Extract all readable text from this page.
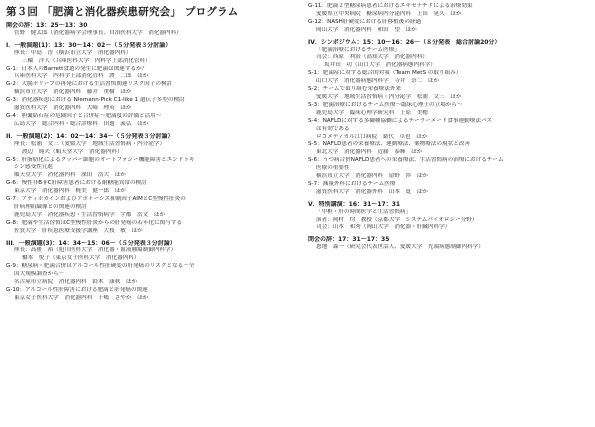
第３回 「肥満と消化器疾患研究会」 プログラム
開会の辞：13：25～13：30
菅野　健太郎（消化器病学会理事長、自治医科大学　消化器内科）
I．一般演題(1)：13：30～14：02－（５分発表３分討論）
座長：中島　淳（横浜市立大学　消化器内科）
三輪　洋人（兵庫医科大学　内科学上部消化管科）
G-1：日本人のBarrett食道の発生に肥満は関連するか？
兵庫医科大学　内科学上部消化管科　渡　二郎　ほか
G-2：大腸ポリープの再発における生活習慣関連リスク因子の検討
横浜市立大学　消化器内科　藤井　重樹　ほか
G-3：消化器疾患における Niemann-Pick C1-like 1 遺伝子多型の検討
滋賀医科大学　消化器内科　大崎　理英　ほか
G-4：胆嚢結石症の危険因子と合併症～肥満度の評価と活用～
広島大学　総合内科・総合診療科　田邊　義弘　ほか
II．一般演題(2)：14：02～14：34－（５分発表３分討論）
座長：松浦　文三（愛媛大学　地域生活習慣病・内分泌学）
渡辺　純夫（順天堂大学　消化器内科）
G-5：肝脂肪化によるクッパー細胞のオートファジー機能障害とエンドトキ
シン感受性亢進
順天堂大学　消化器内科　深田　浩大　ほか
G-6：慢性非B非C肝障害患者における耐糖能異常の検討
東京大学　消化器内科　梶美　健一郎　ほか
G-7：アディポカインおよびアポトーシス抑制因子AIMとC型慢性肝炎の
肝病理組織像との関連の検討
鹿児島大学　消化器疾患・生活習慣病学　宇都　浩文　ほか
G-8：肥満や生活習慣はC型慢性肝炎からの肝発癌の若年化に関与する
佐賀大学　肝疾患医療支援学講座　大枝　敏　ほか
III．一般演題(3)：14：34～15：06－（５分発表３分討論）
座長：高後　裕（旭川医科大学　消化器・血液腫瘍制御内科学）
橋本　悦子（東京女子医科大学　消化器内科）
G-9：糖尿病・肥満合併はアルコール性肝硬変の肝発癌のリスクとなる－全
国大規模調査から－
名古屋市立病院　消化器内科　鈴木　康秋　ほか
G-10：アルコール性肝障害における肥満と肝発癌の関連
東京女子医科大学　消化器内科　千嶋　さやか　ほか
G-11：肥満２型糖尿病患者におけるエキセナチドによる治療効果
愛媛県立中央病院　糖尿病内分泌内科　上田　晃久　ほか
G-12：NASH肝硬変における肝移植後の経過
岡山大学　消化器内科　和田　望　ほか
IV．シンポジウム：15：10～16：26－（８分発表　総合討論20分）
「肥満治療におけるチーム医療」
司会：西原　利治（高知大学　消化器内科）
坂井田　功（山口大学　消化器病態内科学）
S-1：肥満症に対する総合的対策（Team MetS の取り組み）
山口大学　消化器病態内科学　寺井　崇二　ほか
S-2：チームで取り組む栄養療法外来
愛媛大学　地域生活習慣病・内分泌学　松浦　文三　ほか
S-3：肥満治療におけるチーム医療～臨床心理士の立場から～
鹿児島大学　臨床心理学研究科　上原　美穂
S-4：NAFLDに対する多職種協働によるテーラーメード食事運動療法パス
は有効である
ロコメディカル江口病院　桑代　卓也　ほか
S-5：NAFLD患者の栄養療法、運動療法、薬物療法の現状と改善
東北大学　消化器内科　近藤　泰輝　ほか
S-6：うつ病合併NAFLD患者への栄養療法、生活習慣病の治療におけるチーム
医療の重要性
横浜市立大学　消化器内科　留野　渉　ほか
S-7：減量外科におけるチーム医療
滋賀医科大学　消化器外科　山本　寛　ほか
V．特別講演：16：31～17：31
「中枢・肝の時間医学と生活習慣病」
演者：岡村　均　教授（京都大学　システムバイオロジー分野）
司会：山本　和秀（岡山大学　消化器・肝臓内科学）
閉会の辞：17：31～17：35
恩地　森一（研究会代表世話人、愛媛大学　先端病態制御内科学）
